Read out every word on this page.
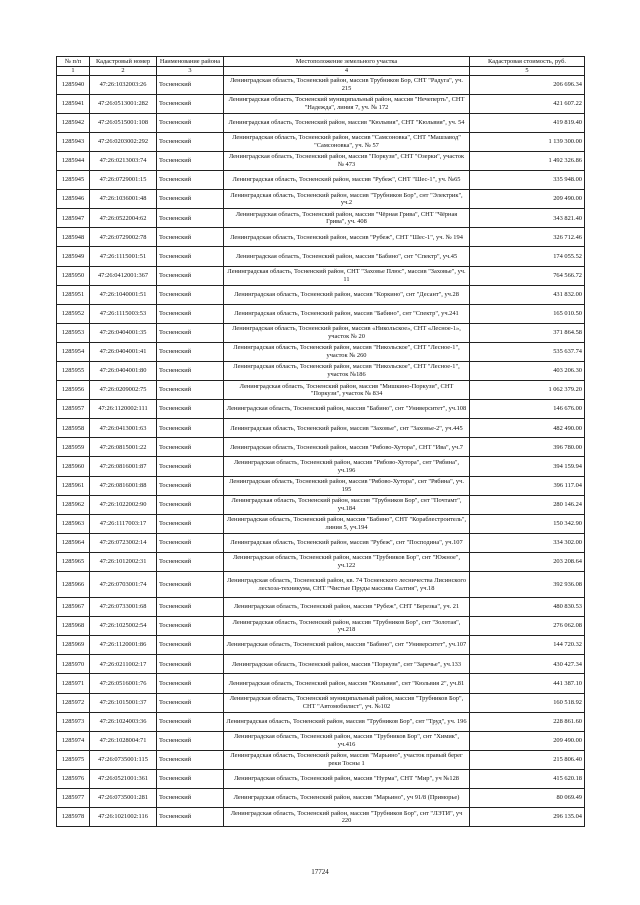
№ п/п	Кадастровый номер	Наименование района	Местоположение земельного участка	Кадастровая стоимость, руб.
1	2	3	4	5
1285940	47:26:1032003:26	Тосненский	Ленинградская область, Тосненский район, массив Трубников Бор, СНТ "Радуга", уч. 215	206 696.34
1285941	47:26:0513001:282	Тосненский	Ленинградская область, Тосненский муниципальный район, массив "Нечеперть", СНТ "Надежда", линия 7, уч. № 172	421 607.22
1285942	47:26:0515001:108	Тосненский	Ленинградская область, Тосненский район, массив "Кюльвия", СНТ "Кюльвия", уч. 54	419 819.40
1285943	47:26:0203002:292	Тосненский	Ленинградская область, Тосненский район, массив "Самсоновка", СНТ "Машзавод" "Самсоновка", уч. № 57	1 139 300.00
1285944	47:26:0213003:74	Тосненский	Ленинградская область, Тосненский район, массив "Поркузи", СНТ "Озерки", участок № 473	1 492 326.86
1285945	47:26:0729001:15	Тосненский	Ленинградская область, Тосненский район, массив "Рубеж", СНТ "Шес-1", уч. №65	335 948.00
1285946	47:26:1036001:48	Тосненский	Ленинградская область, Тосненский район, массив "Трубников Бор", снт "Электрик", уч.2	209 490.00
1285947	47:26:0522004:62	Тосненский	Ленинградская область, Тосненский район, массив "Чёрная Грива", СНТ "Чёрная Грива", уч. 408	343 821.40
1285948	47:26:0729002:78	Тосненский	Ленинградская область, Тосненский район, массив "Рубеж", СНТ "Шес-1", уч. № 194	326 712.46
1285949	47:26:1115001:51	Тосненский	Ленинградская область, Тосненский район, массив "Бабино", снт "Спектр", уч.45	174 055.52
1285950	47:26:0412001:367	Тосненский	Ленинградская область, Тосненский район, СНТ "Заховье Плюс", массив "Заховье", уч. 11	764 566.72
1285951	47:26:1040001:51	Тосненский	Ленинградская область, Тосненский район, массив "Коркино", снт "Десант", уч.28	431 832.00
1285952	47:26:1115003:53	Тосненский	Ленинградская область, Тосненский район, массив "Бабино", снт "Спектр", уч.241	165 010.50
1285953	47:26:0404001:35	Тосненский	Ленинградская область, Тосненский район, массив «Никольское», СНТ «Лесное-1», участок № 20	371 864.58
1285954	47:26:0404001:41	Тосненский	Ленинградская область, Тосненский район, массив "Никольское", СНТ "Лесное-1", участок № 260	535 637.74
1285955	47:26:0404001:80	Тосненский	Ленинградская область, Тосненский район, массив "Никольское", СНТ "Лесное-1", участок №186	403 206.30
1285956	47:26:0209002:75	Тосненский	Ленинградская область, Тосненский район, массив "Мишкино-Поркузи", СНТ "Поркузи", участок № 834	1 062 379.20
1285957	47:26:1120002:111	Тосненский	Ленинградская область, Тосненский район, массив "Бабино", снт "Университет", уч.108	146 676.00
1285958	47:26:0413001:63	Тосненский	Ленинградская область, Тосненский район, массив "Заховье", снт "Заховье-2", уч.445	482 490.00
1285959	47:26:0815001:22	Тосненский	Ленинградская область, Тосненский район, массив "Рябово-Хутора", СНТ "Ива", уч.7	396 780.00
1285960	47:26:0816001:87	Тосненский	Ленинградская область, Тосненский район, массив "Рябово-Хутора", снт "Рябина", уч.196	394 159.94
1285961	47:26:0816001:88	Тосненский	Ленинградская область, Тосненский район, массив "Рябово-Хутора", снт "Рябина", уч. 195	396 117.04
1285962	47:26:1022002:90	Тосненский	Ленинградская область, Тосненский район, массив "Трубников Бор", снт "Почтамт", уч.184	280 146.24
1285963	47:26:1117003:17	Тосненский	Ленинградская область, Тосненский район, массив "Бабино", СНТ "Кораблестроитель", линия 5, уч.194	150 342.90
1285964	47:26:0723002:14	Тосненский	Ленинградская область, Тосненский район, массив "Рубеж", снт "Посподина", уч.107	334 302.00
1285965	47:26:1012002:31	Тосненский	Ленинградская область, Тосненский район, массив "Трубников Бор", снт "Южное", уч.122	203 208.64
1285966	47:26:0703001:74	Тосненский	Ленинградская область, Тосненский район, кв. 74 Тосненского лесничества Лисинского лесхоза-техникума, СНТ "Чистые Пруды массива Салтия", уч.18	392 936.08
1285967	47:26:0733001:68	Тосненский	Ленинградская область, Тосненский район, массив "Рубеж", СНТ "Березка", уч. 21	480 830.53
1285968	47:26:1025002:54	Тосненский	Ленинградская область, Тосненский район, массив "Трубников Бор", снт "Золотая", уч.218	276 062.08
1285969	47:26:1120001:86	Тосненский	Ленинградская область, Тосненский район, массив "Бабино", снт "Университет", уч.107	144 720.32
1285970	47:26:0211002:17	Тосненский	Ленинградская область, Тосненский район, массив "Поркузи", снт "Заречье", уч.133	430 427.34
1285971	47:26:0516001:76	Тосненский	Ленинградская область, Тосненский район, массив "Кюльвия", снт "Кюльвия 2", уч.81	441 387.10
1285972	47:26:1015001:37	Тосненский	Ленинградская область, Тосненский муниципальный район, массив "Трубников Бор", СНТ "Автомобилист", уч. №102	160 518.92
1285973	47:26:1024003:36	Тосненский	Ленинградская область, Тосненский район, массив "Трубников Бор", снт "Труд", уч. 196	228 861.60
1285974	47:26:1028004:71	Тосненский	Ленинградская область, Тосненский район, массив "Трубников Бор", снт "Химик", уч.416	209 490.00
1285975	47:26:0735001:115	Тосненский	Ленинградская область, Тосненский район, массив "Марьино", участок правый берег реки Тосны 1	215 806.40
1285976	47:26:0521001:361	Тосненский	Ленинградская область, Тосненский район, массив "Нурма", СНТ "Мир", уч №128	415 620.18
1285977	47:26:0735001:281	Тосненский	Ленинградская область, Тосненский район, массив "Марьино", уч 91/8 (Приморье)	80 069.49
1285978	47:26:1021002:116	Тосненский	Ленинградская область, Тосненский район, массив "Трубников Бор", снт "ЛЭТИ", уч 220	296 135.04
17724
